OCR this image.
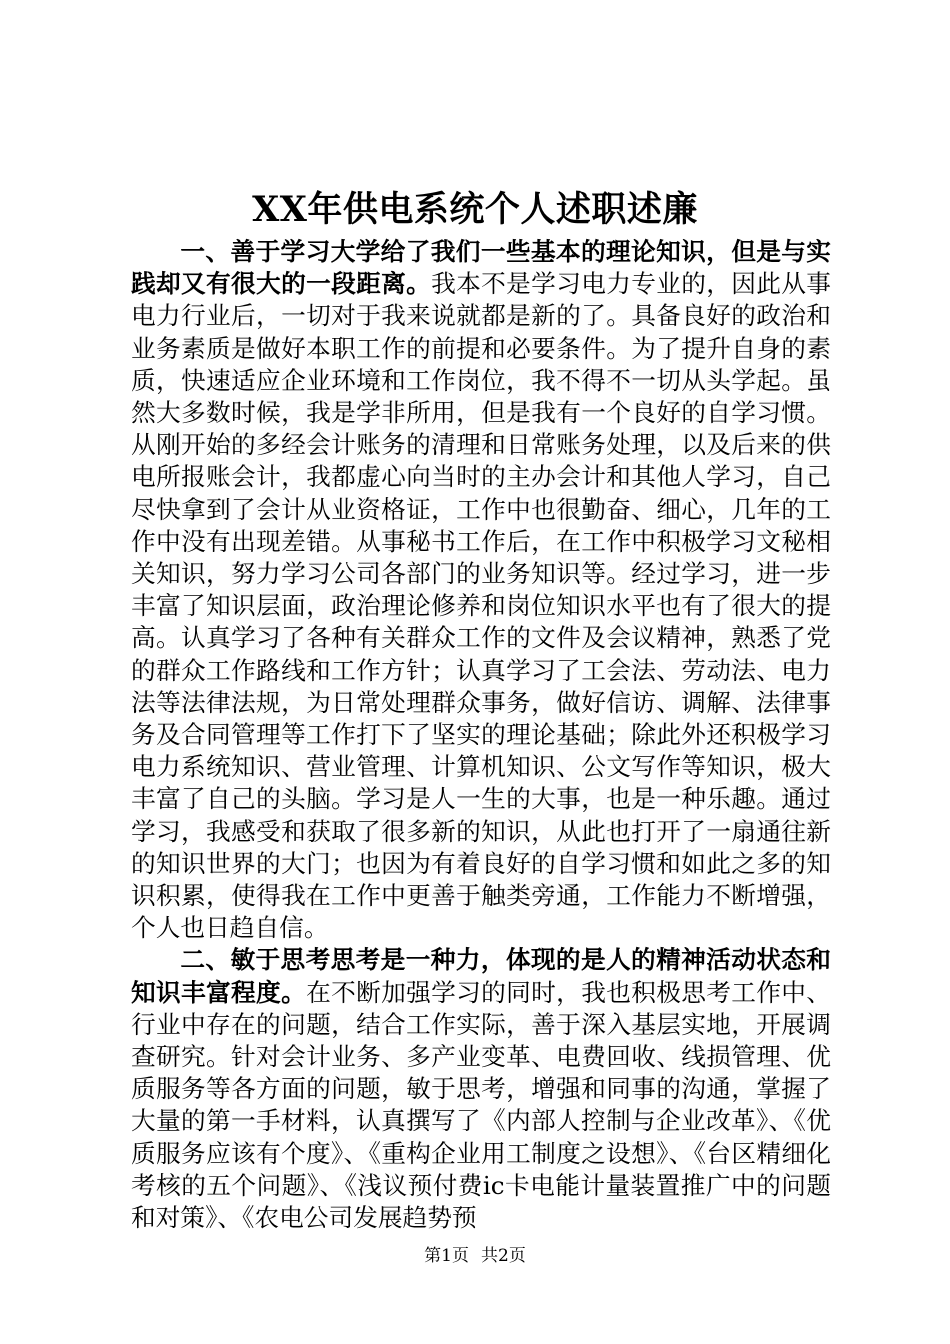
XX年供电系统个人述职述廉

一、善于学习大学给了我们一些基本的理论知识，但是与实践却又有很大的一段距离。我本不是学习电力专业的，因此从事电力行业后，一切对于我来说就都是新的了。具备良好的政治和业务素质是做好本职工作的前提和必要条件。为了提升自身的素质，快速适应企业环境和工作岗位，我不得不一切从头学起。虽然大多数时候，我是学非所用，但是我有一个良好的自学习惯。从刚开始的多经会计账务的清理和日常账务处理，以及后来的供电所报账会计，我都虚心向当时的主办会计和其他人学习，自己尽快拿到了会计从业资格证，工作中也很勤奋、细心，几年的工作中没有出现差错。从事秘书工作后，在工作中积极学习文秘相关知识，努力学习公司各部门的业务知识等。经过学习，进一步丰富了知识层面，政治理论修养和岗位知识水平也有了很大的提高。认真学习了各种有关群众工作的文件及会议精神，熟悉了党的群众工作路线和工作方针；认真学习了工会法、劳动法、电力法等法律法规，为日常处理群众事务，做好信访、调解、法律事务及合同管理等工作打下了坚实的理论基础；除此外还积极学习电力系统知识、营业管理、计算机知识、公文写作等知识，极大丰富了自己的头脑。学习是人一生的大事，也是一种乐趣。通过学习，我感受和获取了很多新的知识，从此也打开了一扇通往新的知识世界的大门；也因为有着良好的自学习惯和如此之多的知识积累，使得我在工作中更善于触类旁通，工作能力不断增强，个人也日趋自信。

二、敏于思考思考是一种力，体现的是人的精神活动状态和知识丰富程度。在不断加强学习的同时，我也积极思考工作中、行业中存在的问题，结合工作实际，善于深入基层实地，开展调查研究。针对会计业务、多产业变革、电费回收、线损管理、优质服务等各方面的问题，敏于思考，增强和同事的沟通，掌握了大量的第一手材料，认真撰写了《内部人控制与企业改革》、《优质服务应该有个度》、《重构企业用工制度之设想》、《台区精细化考核的五个问题》、《浅议预付费ic卡电能计量装置推广中的问题和对策》、《农电公司发展趋势预

第1页 共2页
